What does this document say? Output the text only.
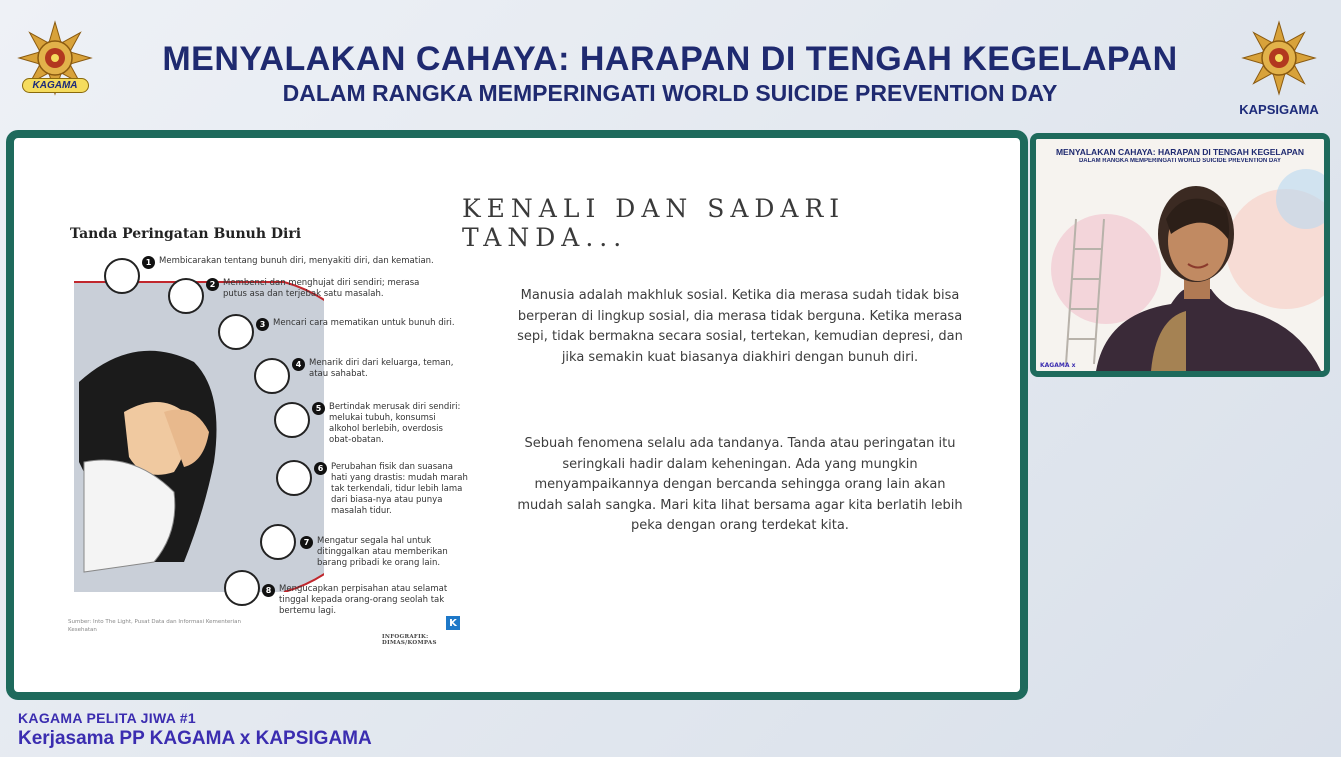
KAGAMA
MENYALAKAN CAHAYA: HARAPAN DI TENGAH KEGELAPAN
DALAM RANGKA MEMPERINGATI WORLD SUICIDE PREVENTION DAY
KAPSIGAMA
Tanda Peringatan Bunuh Diri
1 Membicarakan tentang bunuh diri, menyakiti diri, dan kematian.
2 Membenci dan menghujat diri sendiri; merasa putus asa dan terjebak satu masalah.
3 Mencari cara mematikan untuk bunuh diri.
4 Menarik diri dari keluarga, teman, atau sahabat.
5 Bertindak merusak diri sendiri: melukai tubuh, konsumsi alkohol berlebih, overdosis obat-obatan.
6 Perubahan fisik dan suasana hati yang drastis: mudah marah tak terkendali, tidur lebih lama dari biasa-nya atau punya masalah tidur.
7 Mengatur segala hal untuk ditinggalkan atau memberikan barang pribadi ke orang lain.
8 Mengucapkan perpisahan atau selamat tinggal kepada orang-orang seolah tak bertemu lagi.
Sumber: Into The Light, Pusat Data dan Informasi Kementerian Kesehatan
K
INFOGRAFIK: DIMAS/KOMPAS
KENALI DAN SADARI TANDA...
Manusia adalah makhluk sosial. Ketika dia merasa sudah tidak bisa berperan di lingkup sosial, dia merasa tidak berguna. Ketika merasa sepi, tidak bermakna secara sosial, tertekan, kemudian depresi, dan jika semakin kuat biasanya diakhiri dengan bunuh diri.
Sebuah fenomena selalu ada tandanya. Tanda atau peringatan itu seringkali hadir dalam keheningan. Ada yang mungkin menyampaikannya dengan bercanda sehingga orang lain akan mudah salah sangka. Mari kita lihat bersama agar kita berlatih lebih peka dengan orang terdekat kita.
MENYALAKAN CAHAYA: HARAPAN DI TENGAH KEGELAPAN
DALAM RANGKA MEMPERINGATI WORLD SUICIDE PREVENTION DAY
KAGAMA x
KAGAMA PELITA JIWA #1
Kerjasama PP KAGAMA x KAPSIGAMA
